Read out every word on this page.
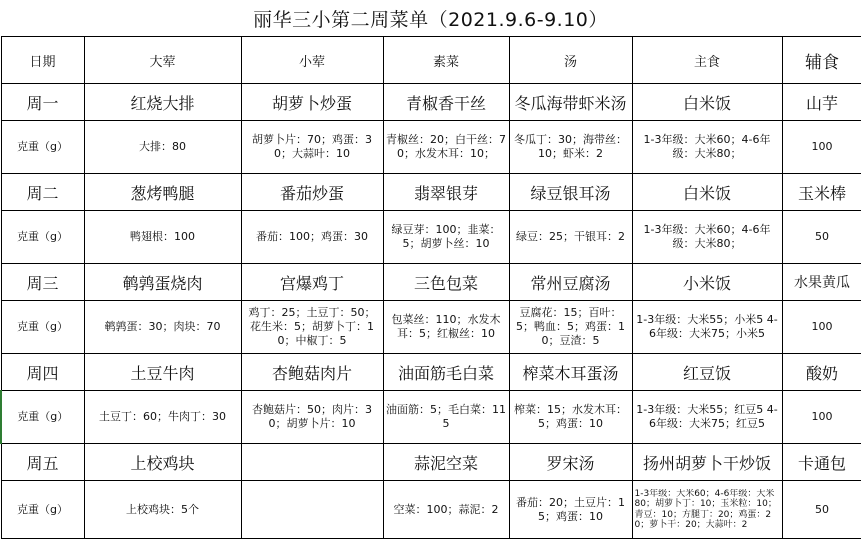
丽华三小第二周菜单（2021.9.6-9.10）
日期	大荤	小荤	素菜	汤	主食	辅食
周一	红烧大排	胡萝卜炒蛋	青椒香干丝	冬瓜海带虾米汤	白米饭	山芋
克重（g）	大排：80	胡萝卜片：70；鸡蛋：30；大蒜叶：10	青椒丝：20；白干丝：70；水发木耳：10；	冬瓜丁：30；海带丝：10；虾米：2	1-3年级：大米60；4-6年级：大米80；	100
周二	葱烤鸭腿	番茄炒蛋	翡翠银芽	绿豆银耳汤	白米饭	玉米棒
克重（g）	鸭翅根：100	番茄：100；鸡蛋：30	绿豆芽：100；韭菜：5；胡萝卜丝：10	绿豆：25；干银耳：2	1-3年级：大米60；4-6年级：大米80；	50
周三	鹌鹑蛋烧肉	宫爆鸡丁	三色包菜	常州豆腐汤	小米饭	水果黄瓜
克重（g）	鹌鹑蛋：30；肉块：70	鸡丁：25；土豆丁：50；花生米：5；胡萝卜丁：10；中椒丁：5	包菜丝：110；水发木耳：5；红椒丝：10	豆腐花：15；百叶：5；鸭血：5；鸡蛋：10；豆渣：5	1-3年级：大米55；小米5 4-6年级：大米75；小米5	100
周四	土豆牛肉	杏鲍菇肉片	油面筋毛白菜	榨菜木耳蛋汤	红豆饭	酸奶
克重（g）	土豆丁：60；牛肉丁：30	杏鲍菇片：50；肉片：30；胡萝卜片：10	油面筋：5；毛白菜：115	榨菜：15；水发木耳：5；鸡蛋：10	1-3年级：大米55；红豆5 4-6年级：大米75；红豆5	100
周五	上校鸡块		蒜泥空菜	罗宋汤	扬州胡萝卜干炒饭	卡通包
克重（g）	上校鸡块：5个		空菜：100；蒜泥：2	番茄：20；土豆片：15；鸡蛋：10	1-3年级：大米60；4-6年级：大米80；胡萝卜丁：10；玉米粒：10；青豆：10；方腿丁：20；鸡蛋：20；萝卜干：20；大蒜叶：2	50
